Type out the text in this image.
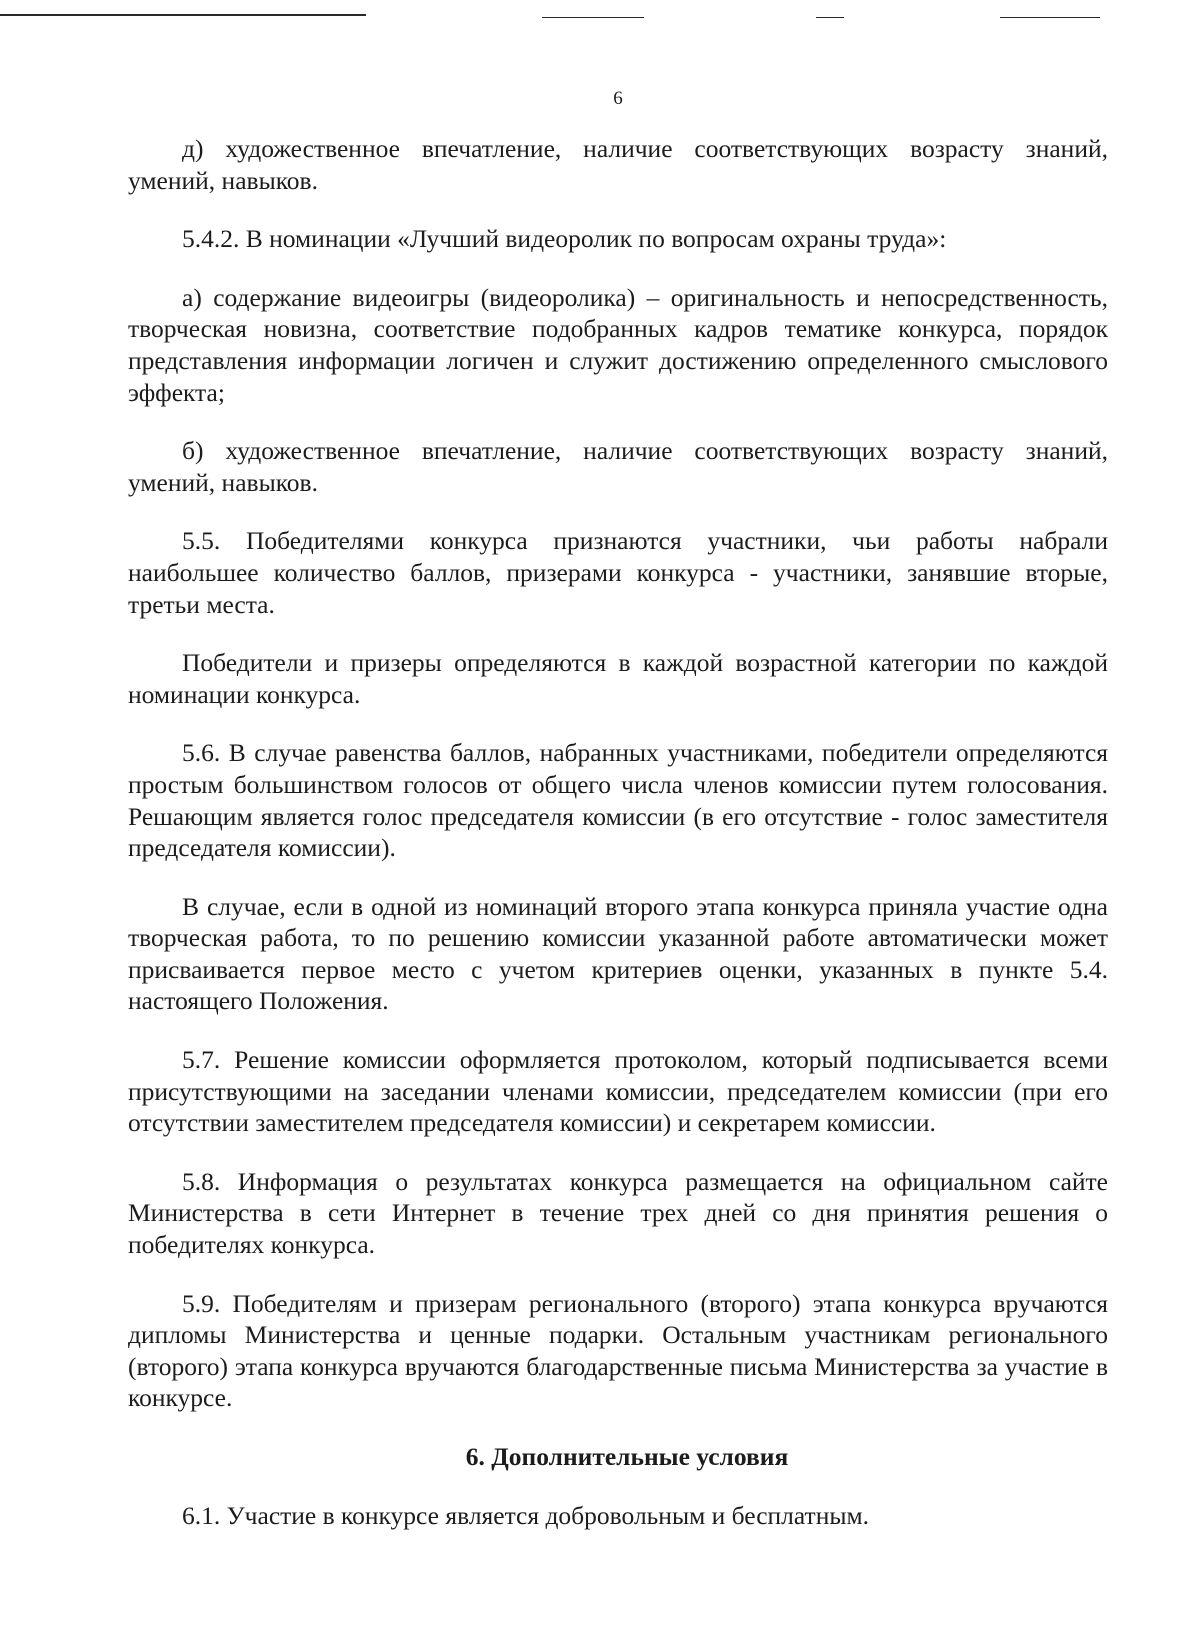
6

д) художественное впечатление, наличие соответствующих возрасту знаний, умений, навыков.

5.4.2. В номинации «Лучший видеоролик по вопросам охраны труда»:

а) содержание видеоигры (видеоролика) – оригинальность и непосредственность, творческая новизна, соответствие подобранных кадров тематике конкурса, порядок представления информации логичен и служит достижению определенного смыслового эффекта;

б) художественное впечатление, наличие соответствующих возрасту знаний, умений, навыков.

5.5. Победителями конкурса признаются участники, чьи работы набрали наибольшее количество баллов, призерами конкурса - участники, занявшие вторые, третьи места.

Победители и призеры определяются в каждой возрастной категории по каждой номинации конкурса.

5.6. В случае равенства баллов, набранных участниками, победители определяются простым большинством голосов от общего числа членов комиссии путем голосования. Решающим является голос председателя комиссии (в его отсутствие - голос заместителя председателя комиссии).

В случае, если в одной из номинаций второго этапа конкурса приняла участие одна творческая работа, то по решению комиссии указанной работе автоматически может присваивается первое место с учетом критериев оценки, указанных в пункте 5.4. настоящего Положения.

5.7. Решение комиссии оформляется протоколом, который подписывается всеми присутствующими на заседании членами комиссии, председателем комиссии (при его отсутствии заместителем председателя комиссии) и секретарем комиссии.

5.8. Информация о результатах конкурса размещается на официальном сайте Министерства в сети Интернет в течение трех дней со дня принятия решения о победителях конкурса.

5.9. Победителям и призерам регионального (второго) этапа конкурса вручаются дипломы Министерства и ценные подарки. Остальным участникам регионального (второго) этапа конкурса вручаются благодарственные письма Министерства за участие в конкурсе.

6. Дополнительные условия

6.1. Участие в конкурсе является добровольным и бесплатным.
